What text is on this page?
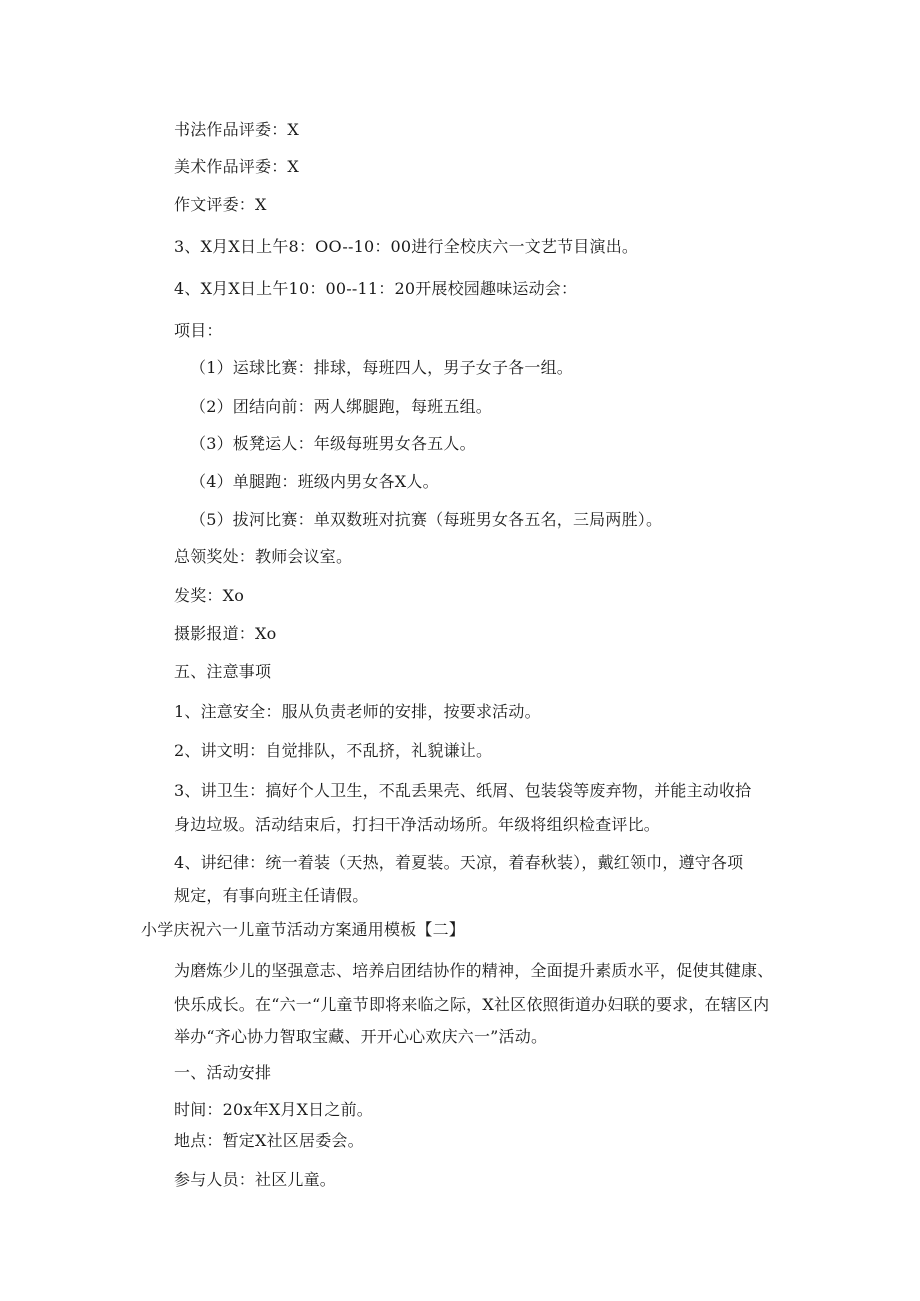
书法作品评委：X
美术作品评委：X
作文评委：X
3、X月X日上午8：OO--10：00进行全校庆六一文艺节目演出。
4、X月X日上午10：00--11：20开展校园趣味运动会：
项目：
（1）运球比赛：排球，每班四人，男子女子各一组。
（2）团结向前：两人绑腿跑，每班五组。
（3）板凳运人：年级每班男女各五人。
（4）单腿跑：班级内男女各X人。
（5）拔河比赛：单双数班对抗赛（每班男女各五名，三局两胜）。
总领奖处：教师会议室。
发奖：Xo
摄影报道：Xo
五、注意事项
1、注意安全：服从负责老师的安排，按要求活动。
2、讲文明：自觉排队，不乱挤，礼貌谦让。
3、讲卫生：搞好个人卫生，不乱丢果壳、纸屑、包装袋等废弃物，并能主动收拾
身边垃圾。活动结束后，打扫干净活动场所。年级将组织检查评比。
4、讲纪律：统一着装（天热，着夏装。天凉，着春秋装），戴红领巾，遵守各项
规定，有事向班主任请假。
小学庆祝六一儿童节活动方案通用模板【二】
为磨炼少儿的坚强意志、培养启团结协作的精神，全面提升素质水平，促使其健康、
快乐成长。在“六一“儿童节即将来临之际，X社区依照街道办妇联的要求，在辖区内
举办“齐心协力智取宝藏、开开心心欢庆六一”活动。
一、活动安排
时间：20x年X月X日之前。
地点：暂定X社区居委会。
参与人员：社区儿童。
